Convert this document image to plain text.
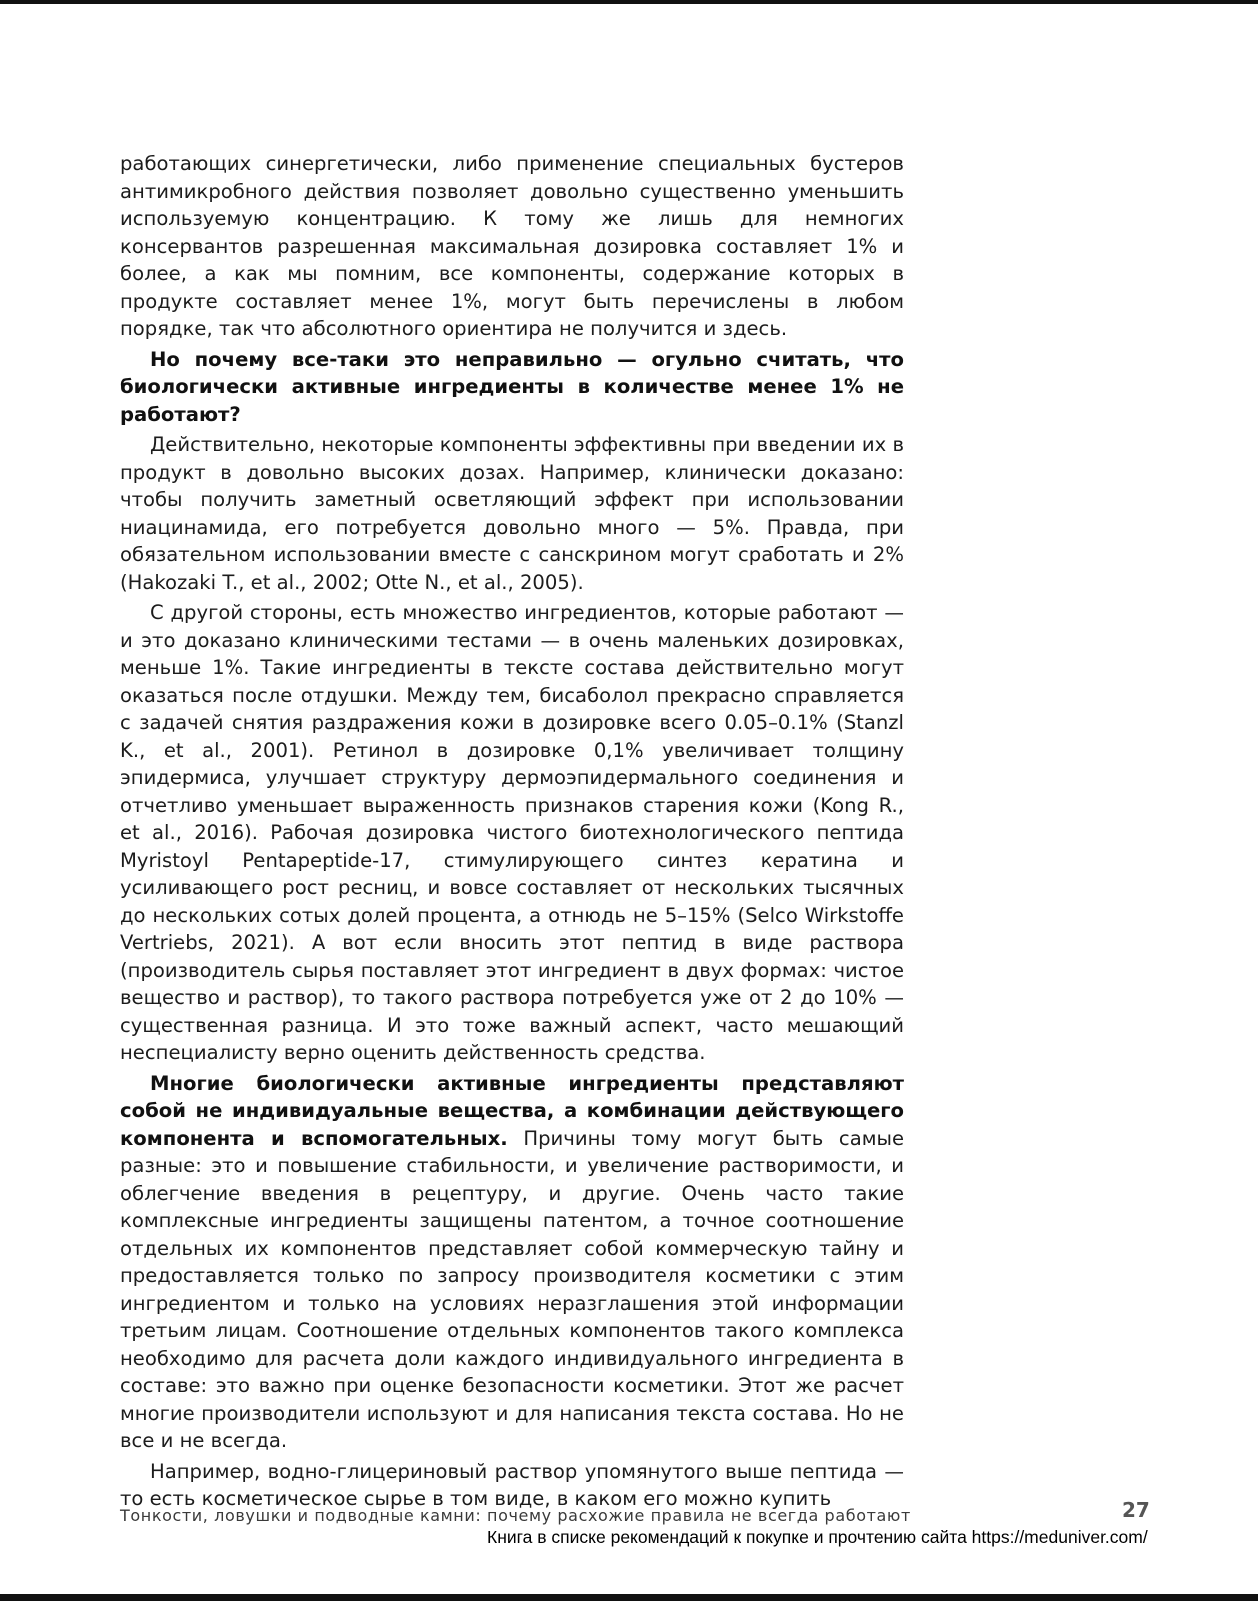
работающих синергетически, либо применение специальных бустеров антимикробного действия позволяет довольно существенно уменьшить используемую концентрацию. К тому же лишь для немногих консервантов разрешенная максимальная дозировка составляет 1% и более, а как мы помним, все компоненты, содержание которых в продукте составляет менее 1%, могут быть перечислены в любом порядке, так что абсолютного ориентира не получится и здесь.

Но почему все-таки это неправильно — огульно считать, что биологически активные ингредиенты в количестве менее 1% не работают?

Действительно, некоторые компоненты эффективны при введении их в продукт в довольно высоких дозах. Например, клинически доказано: чтобы получить заметный осветляющий эффект при использовании ниацинамида, его потребуется довольно много — 5%. Правда, при обязательном использовании вместе с санскрином могут сработать и 2% (Hakozaki T., et al., 2002; Otte N., et al., 2005).

С другой стороны, есть множество ингредиентов, которые работают — и это доказано клиническими тестами — в очень маленьких дозировках, меньше 1%. Такие ингредиенты в тексте состава действительно могут оказаться после отдушки. Между тем, бисаболол прекрасно справляется с задачей снятия раздражения кожи в дозировке всего 0.05–0.1% (Stanzl K., et al., 2001). Ретинол в дозировке 0,1% увеличивает толщину эпидермиса, улучшает структуру дермоэпидермального соединения и отчетливо уменьшает выраженность признаков старения кожи (Kong R., et al., 2016). Рабочая дозировка чистого биотехнологического пептида Myristoyl Pentapeptide-17, стимулирующего синтез кератина и усиливающего рост ресниц, и вовсе составляет от нескольких тысячных до нескольких сотых долей процента, а отнюдь не 5–15% (Selco Wirkstoffe Vertriebs, 2021). А вот если вносить этот пептид в виде раствора (производитель сырья поставляет этот ингредиент в двух формах: чистое вещество и раствор), то такого раствора потребуется уже от 2 до 10% — существенная разница. И это тоже важный аспект, часто мешающий неспециалисту верно оценить действенность средства.

Многие биологически активные ингредиенты представляют собой не индивидуальные вещества, а комбинации действующего компонента и вспомогательных. Причины тому могут быть самые разные: это и повышение стабильности, и увеличение растворимости, и облегчение введения в рецептуру, и другие. Очень часто такие комплексные ингредиенты защищены патентом, а точное соотношение отдельных их компонентов представляет собой коммерческую тайну и предоставляется только по запросу производителя косметики с этим ингредиентом и только на условиях неразглашения этой информации третьим лицам. Соотношение отдельных компонентов такого комплекса необходимо для расчета доли каждого индивидуального ингредиента в составе: это важно при оценке безопасности косметики. Этот же расчет многие производители используют и для написания текста состава. Но не все и не всегда.

Например, водно-глицериновый раствор упомянутого выше пептида — то есть косметическое сырье в том виде, в каком его можно купить

Тонкости, ловушки и подводные камни: почему расхожие правила не всегда работают	27
Книга в списке рекомендаций к покупке и прочтению сайта https://meduniver.com/
